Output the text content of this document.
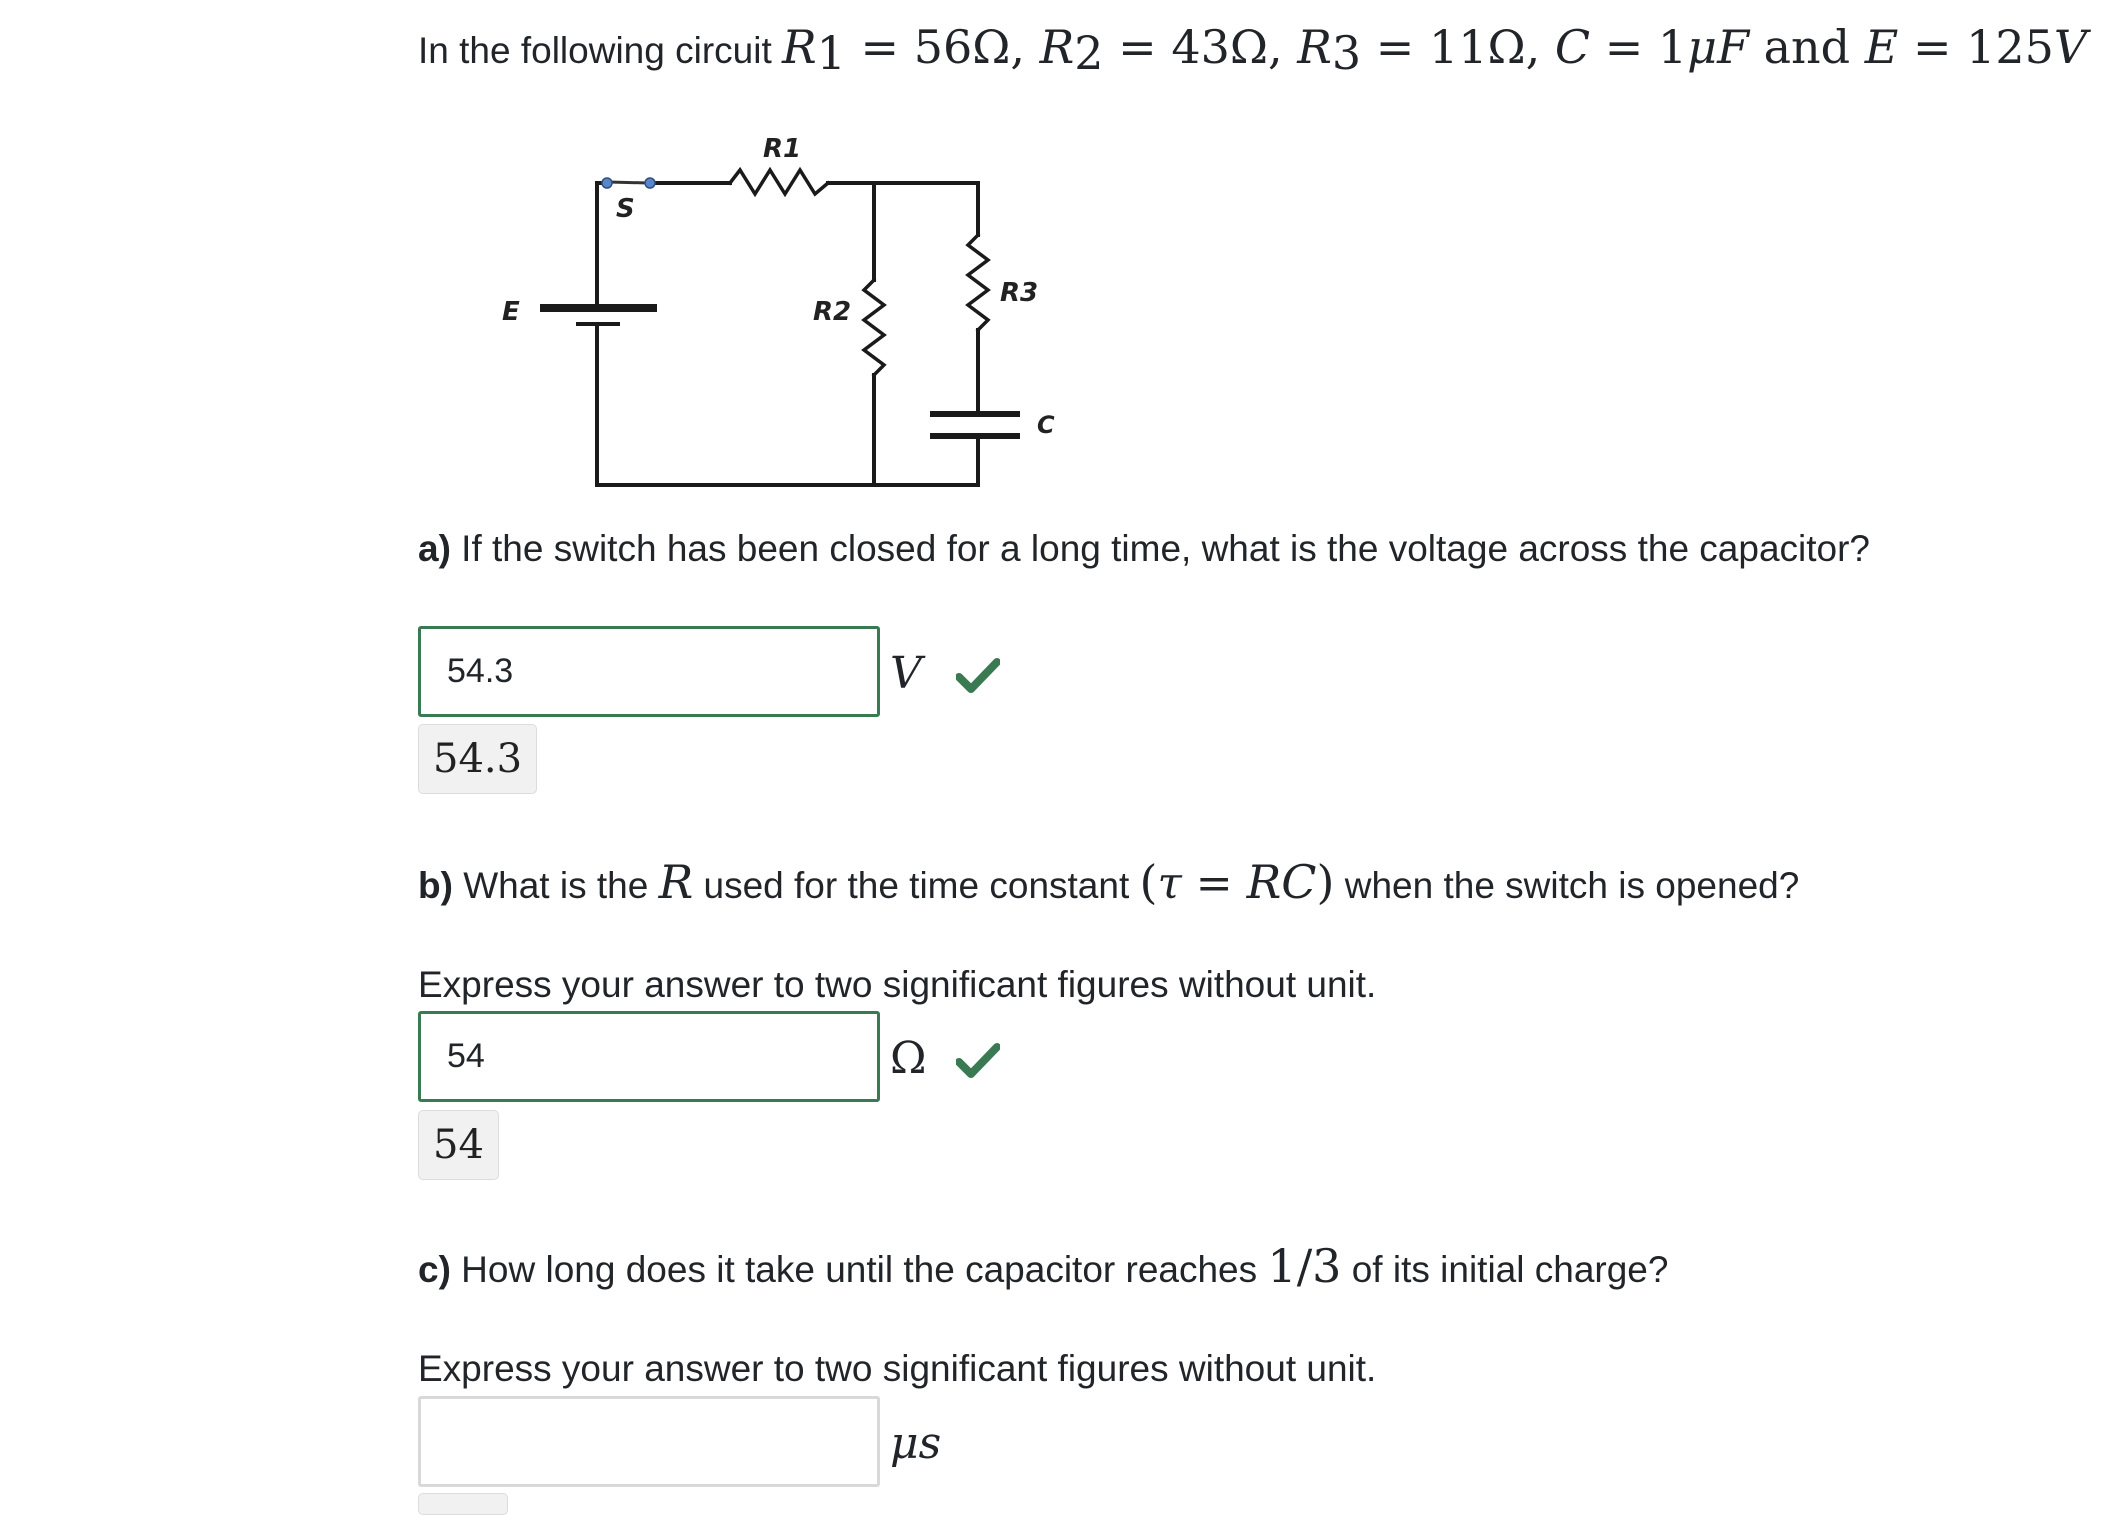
In the following circuit $R_1 = 56\Omega$, $R_2 = 43\Omega$, $R_3 = 11\Omega$, C = 1μF and E = 125V
R1
R2
R3
E
S
C
a) If the switch has been closed for a long time, what is the voltage across the capacitor?
54.3
V
54.3
b) What is the R used for the time constant (τ = RC) when the switch is opened?
Express your answer to two significant figures without unit.
54
Ω
54
c) How long does it take until the capacitor reaches 1/3 of its initial charge?
Express your answer to two significant figures without unit.
μs
